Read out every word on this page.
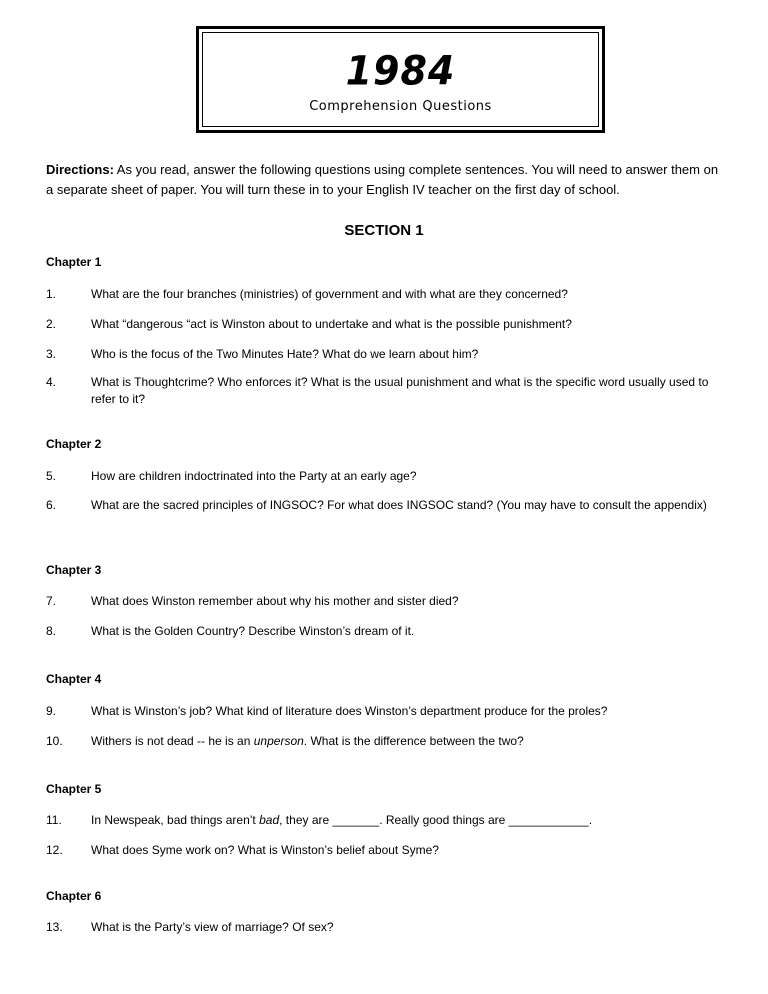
1984
Comprehension Questions
Directions: As you read, answer the following questions using complete sentences. You will need to answer them on a separate sheet of paper. You will turn these in to your English IV teacher on the first day of school.
SECTION 1
Chapter 1
1.	What are the four branches (ministries) of government and with what are they concerned?
2.	What “dangerous “act is Winston about to undertake and what is the possible punishment?
3.	Who is the focus of the Two Minutes Hate? What do we learn about him?
4.	What is Thoughtcrime? Who enforces it? What is the usual punishment and what is the specific word usually used to refer to it?
Chapter 2
5.	How are children indoctrinated into the Party at an early age?
6.	What are the sacred principles of INGSOC? For what does INGSOC stand? (You may have to consult the appendix)
Chapter 3
7.	What does Winston remember about why his mother and sister died?
8.	What is the Golden Country? Describe Winston’s dream of it.
Chapter 4
9.	What is Winston’s job? What kind of literature does Winston’s department produce for the proles?
10.	Withers is not dead -- he is an unperson. What is the difference between the two?
Chapter 5
11.	In Newspeak, bad things aren’t bad, they are _______. Really good things are ____________.
12.	What does Syme work on? What is Winston’s belief about Syme?
Chapter 6
13.	What is the Party’s view of marriage? Of sex?
